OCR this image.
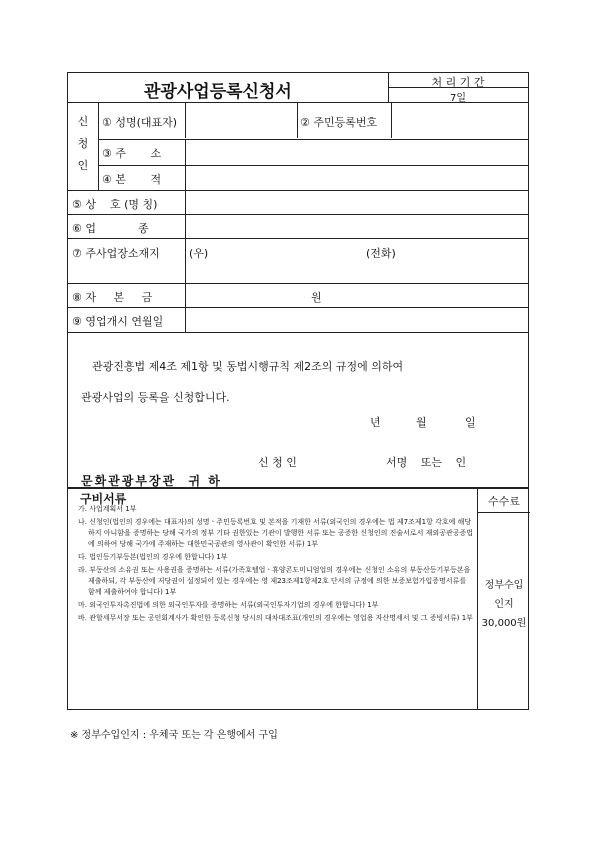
관광사업등록신청서	처 리 기 간
7일
신
청
인
① 성명(대표자)	② 주민등록번호
③ 주       소
④ 본       적
⑤ 상    호 (명 칭)
⑥ 업            종
⑦ 주사업장소재지	(우)	(전화)
⑧ 자     본     금	원
⑨ 영업개시 연월일
관광진흥법 제4조 제1항 및 동법시행규칙 제2조의 규정에 의하여
관광사업의 등록을 신청합니다.
년	월	일
신 청 인	서명 또는 인
문화관광부장관  귀 하
구비서류

가. 사업계획서 1부

나. 신청인(법인의 경우에는 대표자)의 성명ㆍ주민등록번호 및 본적을 기재한 서류(외국인의 경우에는 법 제7조제1항 각호에 해당하지 아니함을 증명하는 당해 국가의 정부 기타 권한있는 기관이 발행한 서류 또는 공증한 신청인의 진술서로서 재외공관공증법에 의하여 당해 국가에 주재하는 대한민국공관의 영사관이 확인한 서류) 1부

다. 법인등기부등본(법인의 경우에 한합니다) 1부

라. 부동산의 소유권 또는 사용권을 증명하는 서류(가족호텔업ㆍ휴양콘도미니엄업의 경우에는 신청인 소유의 부동산등기부등본을 제출하되, 각 부동산에 저당권이 설정되어 있는 경우에는 영 제23조제1항제2호 단서의 규정에 의한 보증보험가입증명서류를 함께 제출하여야 합니다) 1부

마. 외국인투자촉진법에 의한 외국인투자를 증명하는 서류(외국인투자기업의 경우에 한합니다) 1부

바. 관할세무서장 또는 공인회계사가 확인한 등록신청 당시의 대차대조표(개인의 경우에는 영업용 자산명세서 및 그 증빙서류) 1부

수수료
정부수입
인지
30,000원
※ 정부수입인지 : 우체국 또는 각 은행에서 구입
